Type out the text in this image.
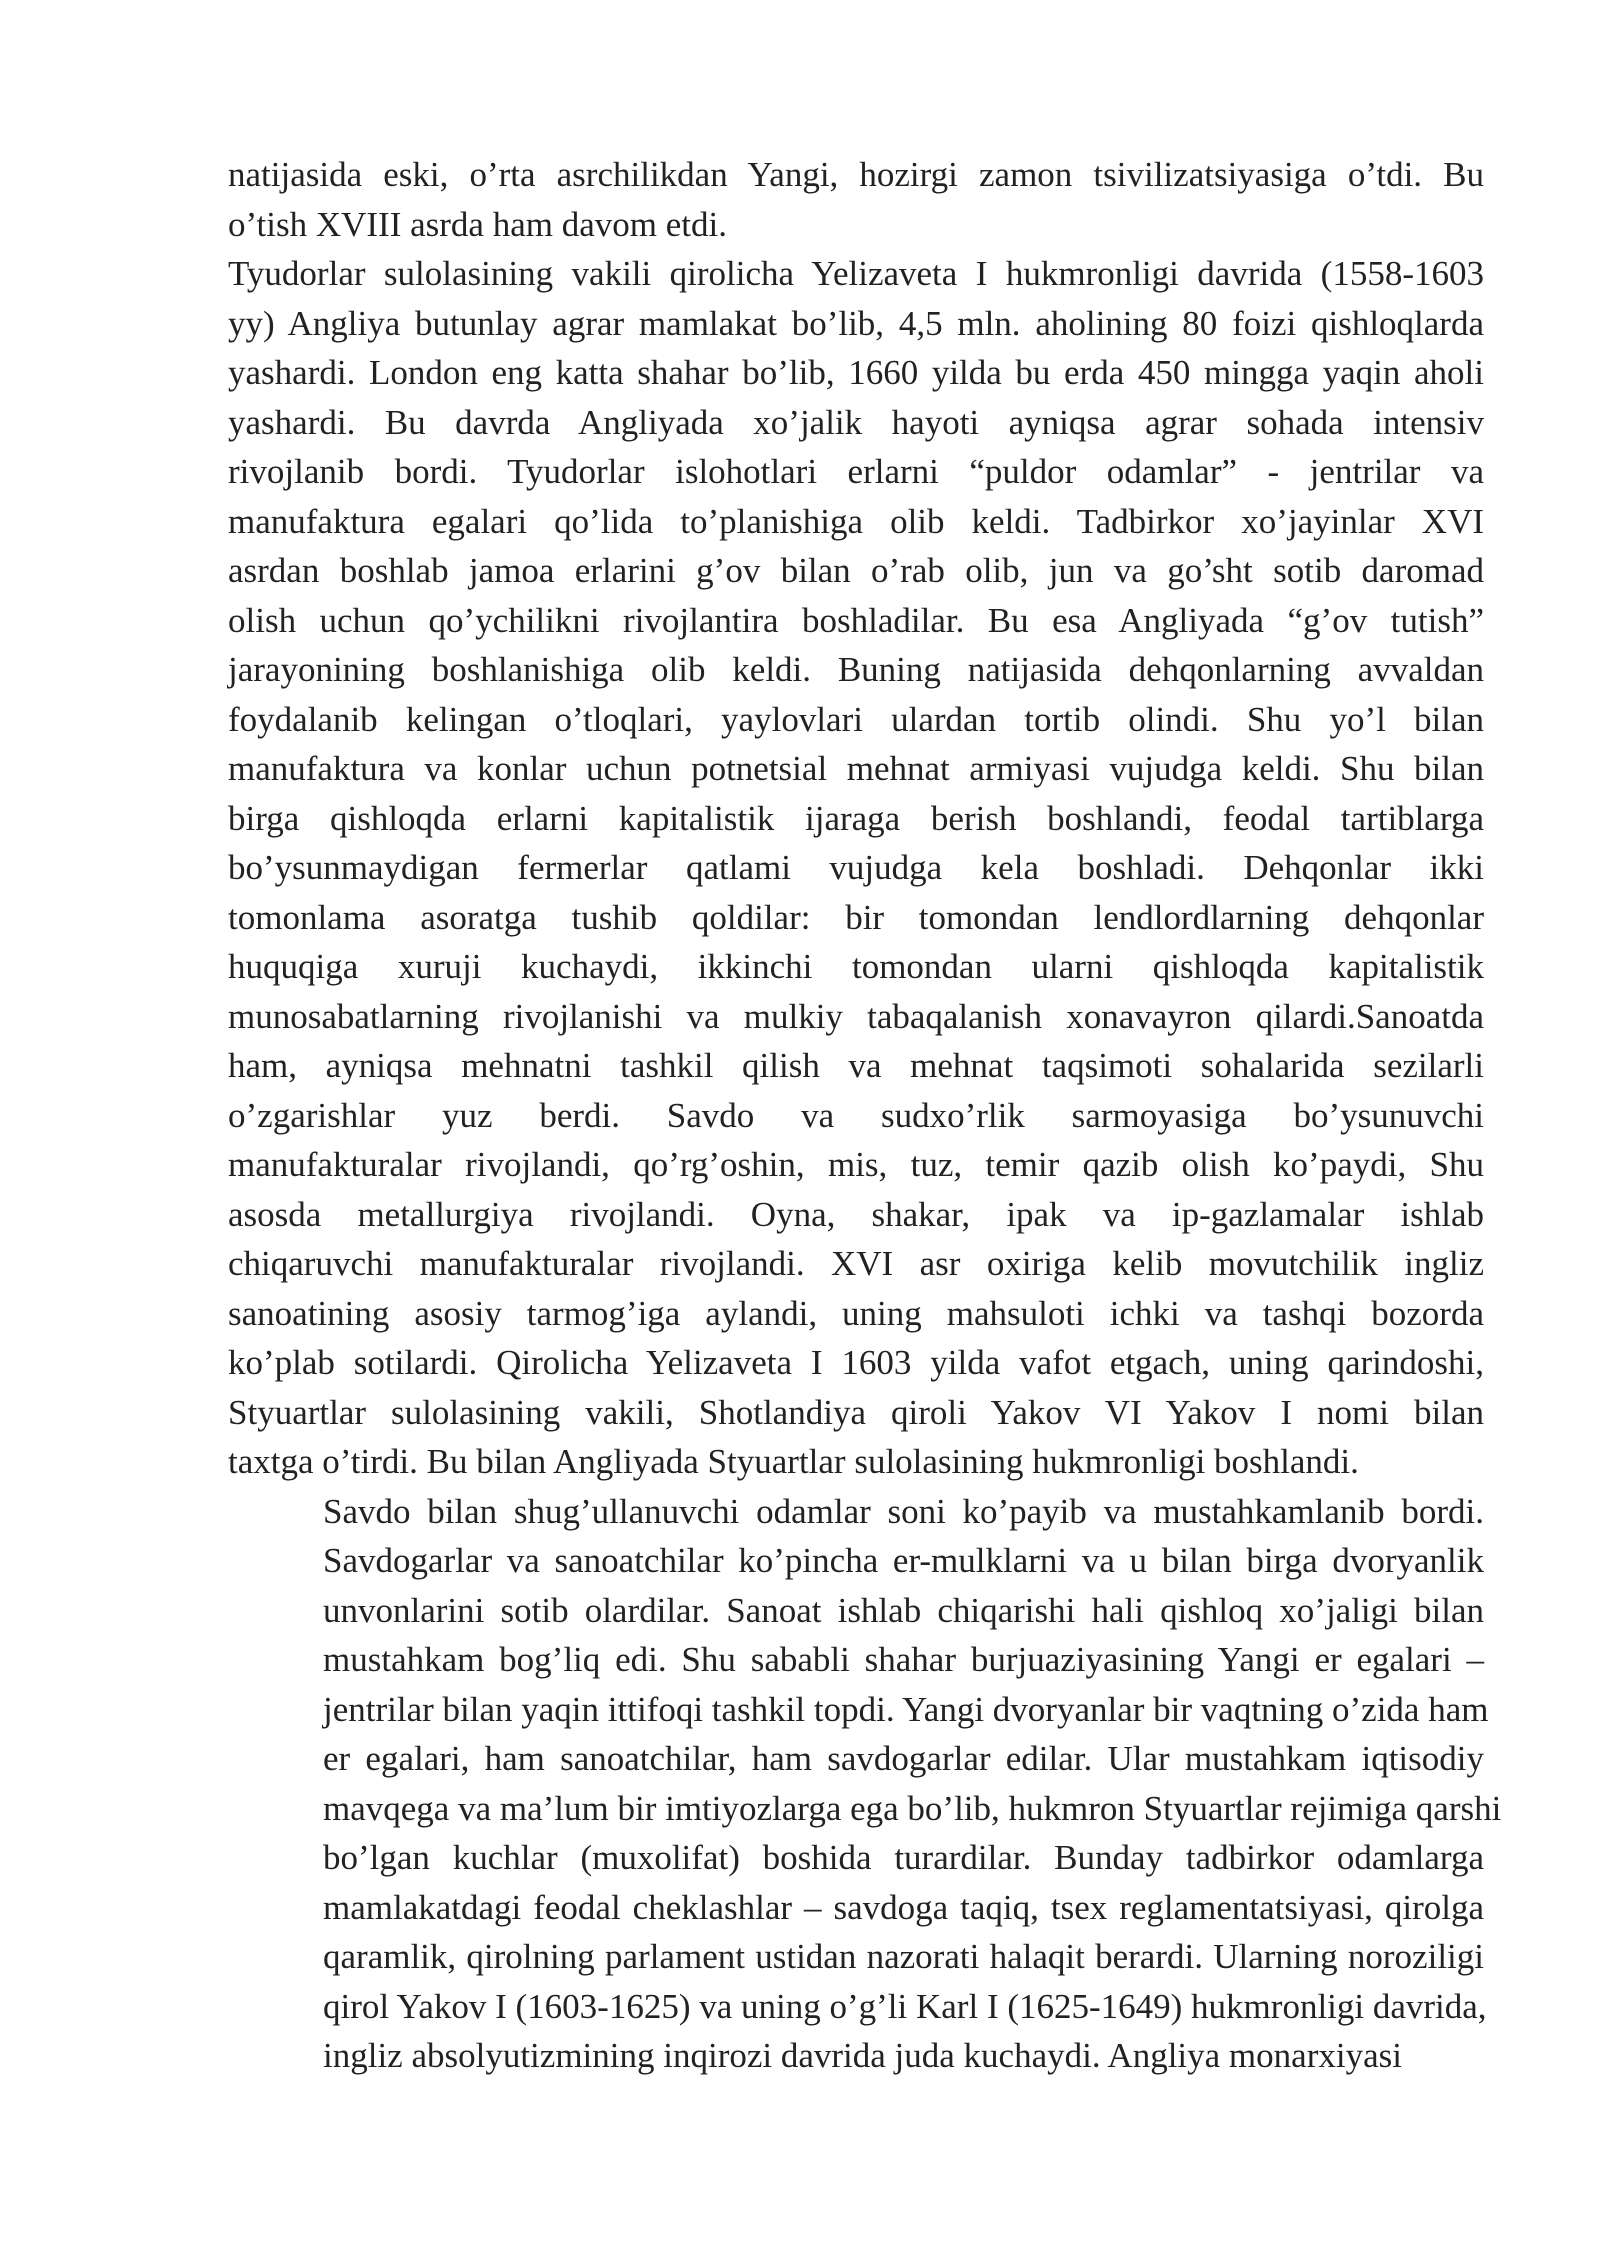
natijasida eski, o’rta asrchilikdan Yangi, hozirgi zamon tsivilizatsiyasiga o’tdi. Bu
o’tish XVIII asrda ham davom etdi.
Tyudorlar sulolasining vakili qirolicha Yelizaveta I hukmronligi davrida (1558-1603
yy) Angliya butunlay agrar mamlakat bo’lib, 4,5 mln. aholining 80 foizi qishloqlarda
yashardi. London eng katta shahar bo’lib, 1660 yilda bu erda 450 mingga yaqin aholi
yashardi. Bu davrda Angliyada xo’jalik hayoti ayniqsa agrar sohada intensiv
rivojlanib bordi. Tyudorlar islohotlari erlarni “puldor odamlar” - jentrilar va
manufaktura egalari qo’lida to’planishiga olib keldi. Tadbirkor xo’jayinlar XVI
asrdan boshlab jamoa erlarini g’ov bilan o’rab olib, jun va go’sht sotib daromad
olish uchun qo’ychilikni rivojlantira boshladilar. Bu esa Angliyada “g’ov tutish”
jarayonining boshlanishiga olib keldi. Buning natijasida dehqonlarning avvaldan
foydalanib kelingan o’tloqlari, yaylovlari ulardan tortib olindi. Shu yo’l bilan
manufaktura va konlar uchun potnetsial mehnat armiyasi vujudga keldi. Shu bilan
birga qishloqda erlarni kapitalistik ijaraga berish boshlandi, feodal tartiblarga
bo’ysunmaydigan fermerlar qatlami vujudga kela boshladi. Dehqonlar ikki
tomonlama asoratga tushib qoldilar: bir tomondan lendlordlarning dehqonlar
huquqiga xuruji kuchaydi, ikkinchi tomondan ularni qishloqda kapitalistik
munosabatlarning rivojlanishi va mulkiy tabaqalanish xonavayron qilardi.Sanoatda
ham, ayniqsa mehnatni tashkil qilish va mehnat taqsimoti sohalarida sezilarli
o’zgarishlar yuz berdi. Savdo va sudxo’rlik sarmoyasiga bo’ysunuvchi
manufakturalar rivojlandi, qo’rg’oshin, mis, tuz, temir qazib olish ko’paydi, Shu
asosda metallurgiya rivojlandi. Oyna, shakar, ipak va ip-gazlamalar ishlab
chiqaruvchi manufakturalar rivojlandi. XVI asr oxiriga kelib movutchilik ingliz
sanoatining asosiy tarmog’iga aylandi, uning mahsuloti ichki va tashqi bozorda
ko’plab sotilardi. Qirolicha Yelizaveta I 1603 yilda vafot etgach, uning qarindoshi,
Styuartlar sulolasining vakili, Shotlandiya qiroli Yakov VI Yakov I nomi bilan
taxtga o’tirdi. Bu bilan Angliyada Styuartlar sulolasining hukmronligi boshlandi.
Savdo bilan shug’ullanuvchi odamlar soni ko’payib va mustahkamlanib bordi.
Savdogarlar va sanoatchilar ko’pincha er-mulklarni va u bilan birga dvoryanlik
unvonlarini sotib olardilar. Sanoat ishlab chiqarishi hali qishloq xo’jaligi bilan
mustahkam bog’liq edi. Shu sababli shahar burjuaziyasining Yangi er egalari –
jentrilar bilan yaqin ittifoqi tashkil topdi. Yangi dvoryanlar bir vaqtning o’zida ham
er egalari, ham sanoatchilar, ham savdogarlar edilar. Ular mustahkam iqtisodiy
mavqega va ma’lum bir imtiyozlarga ega bo’lib, hukmron Styuartlar rejimiga qarshi
bo’lgan kuchlar (muxolifat) boshida turardilar. Bunday tadbirkor odamlarga
mamlakatdagi feodal cheklashlar – savdoga taqiq, tsex reglamentatsiyasi, qirolga
qaramlik, qirolning parlament ustidan nazorati halaqit berardi. Ularning noroziligi
qirol Yakov I (1603-1625) va uning o’g’li Karl I (1625-1649) hukmronligi davrida,
ingliz absolyutizmining inqirozi davrida juda kuchaydi. Angliya monarxiyasi
